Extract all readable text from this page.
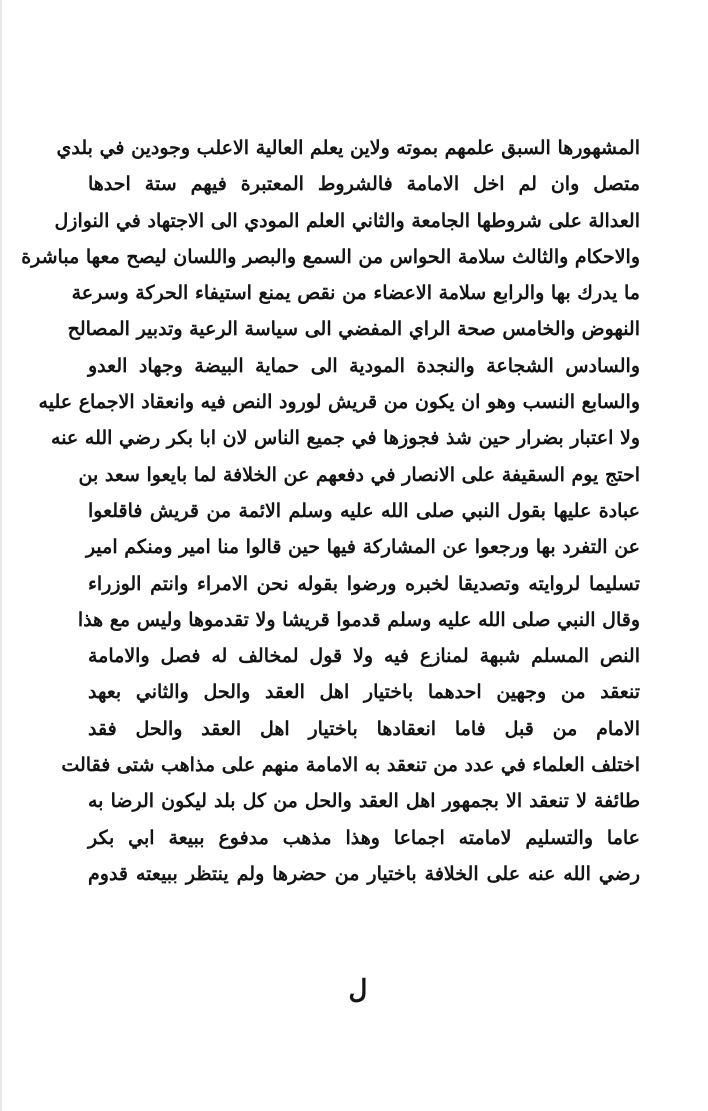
المشهورها السبق علمهم بموته ولاين يعلم العالية الاعلب وجودين في بلدي
متصل وان لم اخل الامامة فالشروط المعتبرة فيهم ستة احدها
العدالة على شروطها الجامعة والثاني العلم المودي الى الاجتهاد في النوازل
والاحكام والثالث سلامة الحواس من السمع والبصر واللسان ليصح معها مباشرة
ما يدرك بها والرابع سلامة الاعضاء من نقص يمنع استيفاء الحركة وسرعة
النهوض والخامس صحة الراي المفضي الى سياسة الرعية وتدبير المصالح
والسادس الشجاعة والنجدة المودية الى حماية البيضة وجهاد العدو
والسابع النسب وهو ان يكون من قريش لورود النص فيه وانعقاد الاجماع عليه
ولا اعتبار بضرار حين شذ فجوزها في جميع الناس لان ابا بكر رضي الله عنه
احتج يوم السقيفة على الانصار في دفعهم عن الخلافة لما بايعوا سعد بن
عبادة عليها بقول النبي صلى الله عليه وسلم الائمة من قريش فاقلعوا
عن التفرد بها ورجعوا عن المشاركة فيها حين قالوا منا امير ومنكم امير
تسليما لروايته وتصديقا لخبره ورضوا بقوله نحن الامراء وانتم الوزراء
وقال النبي صلى الله عليه وسلم قدموا قريشا ولا تقدموها وليس مع هذا
النص المسلم شبهة لمنازع فيه ولا قول لمخالف له فصل والامامة
تنعقد من وجهين احدهما باختيار اهل العقد والحل والثاني بعهد
الامام من قبل فاما انعقادها باختيار اهل العقد والحل فقد
اختلف العلماء في عدد من تنعقد به الامامة منهم على مذاهب شتى فقالت
طائفة لا تنعقد الا بجمهور اهل العقد والحل من كل بلد ليكون الرضا به
عاما والتسليم لامامته اجماعا وهذا مذهب مدفوع ببيعة ابي بكر
رضي الله عنه على الخلافة باختيار من حضرها ولم ينتظر ببيعته قدوم
ل
